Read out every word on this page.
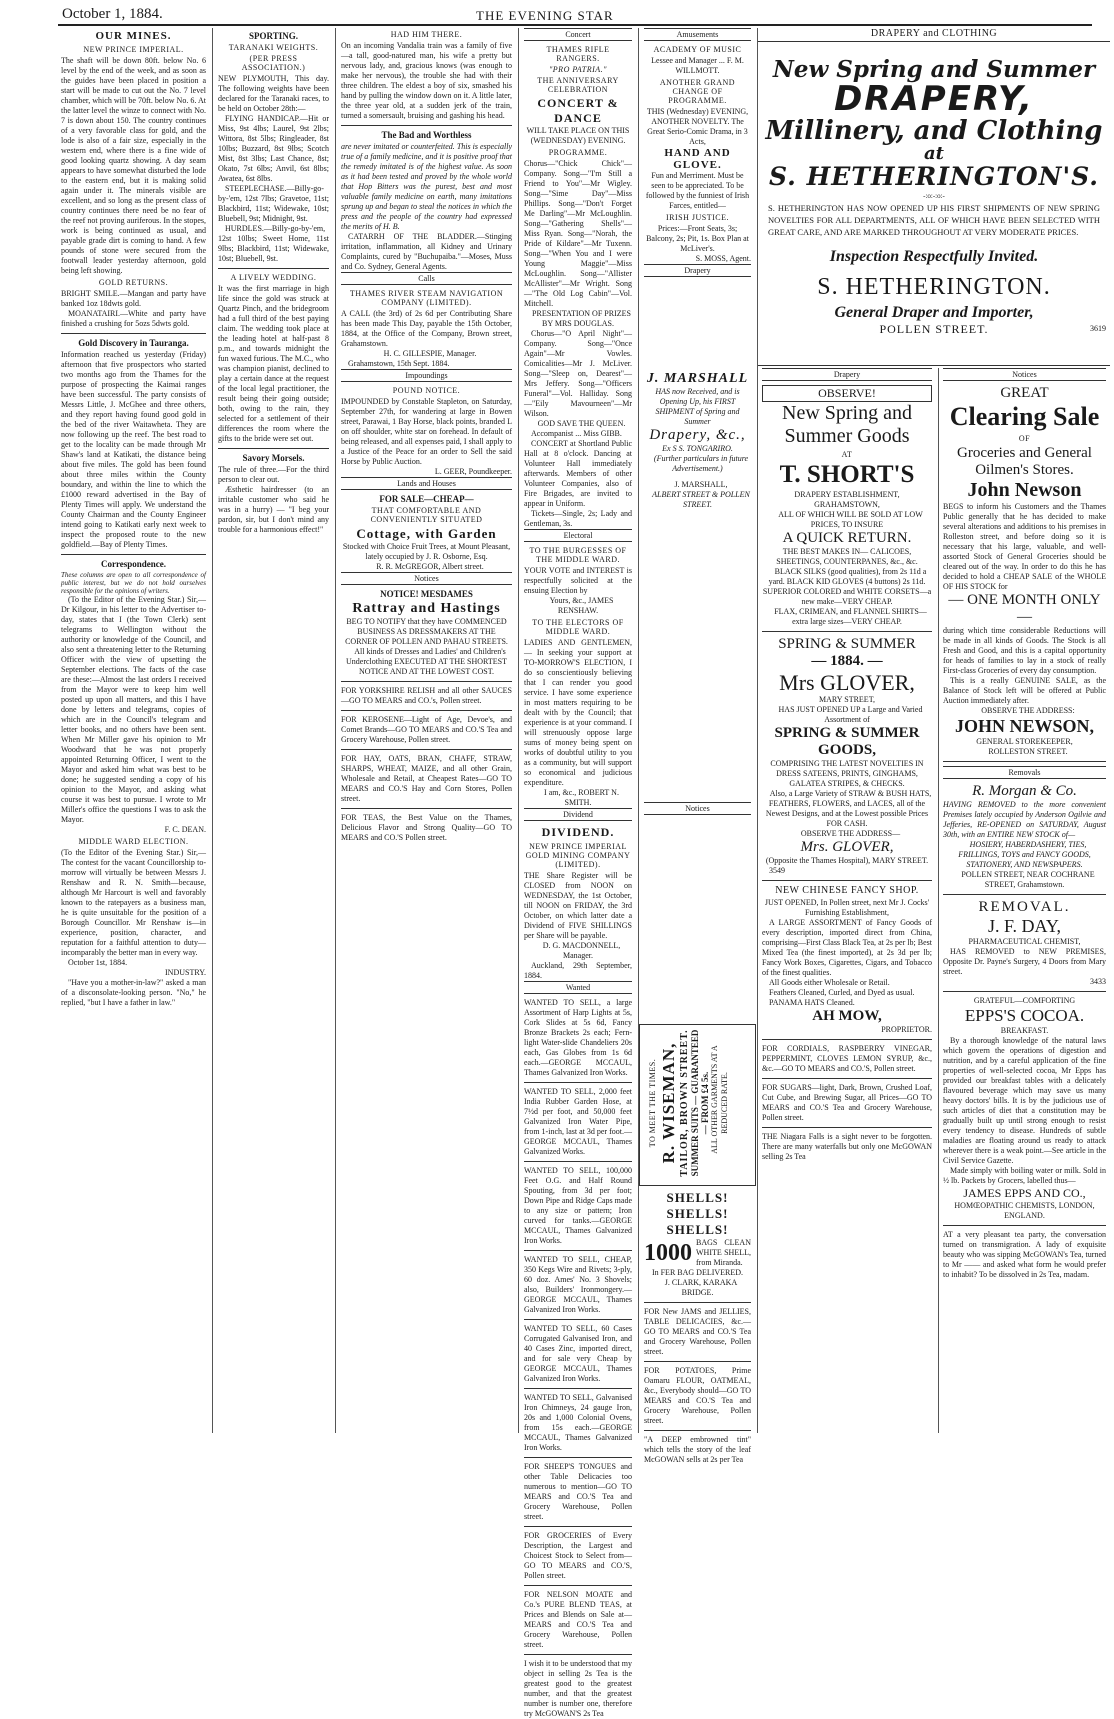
October 1, 1884.	THE EVENING STAR
OUR MINES.
NEW PRINCE IMPERIAL.
The shaft will be down 80ft. below No. 6 level by the end of the week, and as soon as the guides have been placed in position a start will be made to cut out the No. 7 level chamber, which will be 70ft. below No. 6. At the latter level the winze to connect with No. 7 is down about 150. The country continues of a very favorable class for gold, and the lode is also of a fair size, especially in the western end, where there is a fine wide of good looking quartz showing. A day seam appears to have somewhat disturbed the lode to the eastern end, but it is making solid again under it. The minerals visible are excellent, and so long as the present class of country continues there need be no fear of the reef not proving auriferous. In the stopes, work is being continued as usual, and payable grade dirt is coming to hand. A few pounds of stone were secured from the footwall leader yesterday afternoon, gold being left showing.
GOLD RETURNS.
BRIGHT SMILE.—Mangan and party have banked 1oz 18dwts gold.
MOANATAIRI.—White and party have finished a crushing for 5ozs 5dwts gold.
Gold Discovery in Tauranga.
Information reached us yesterday (Friday) afternoon that five prospectors who started two months ago from the Thames for the purpose of prospecting the Kaimai ranges have been successful. The party consists of Messrs Little, J. McGhee and three others, and they report having found good gold in the bed of the river Waitawheta. They are now following up the reef. The best road to get to the locality can be made through Mr Shaw's land at Katikati, the distance being about five miles. The gold has been found about three miles within the County boundary, and within the line to which the £1000 reward advertised in the Bay of Plenty Times will apply. We understand the County Chairman and the County Engineer intend going to Katikati early next week to inspect the proposed route to the new goldfield.—Bay of Plenty Times.
Correspondence.
These columns are open to all correspondence of public interest, but we do not hold ourselves responsible for the opinions of writers.
(To the Editor of the Evening Star.) Sir,—Dr Kilgour, in his letter to the Advertiser to-day, states that I (the Town Clerk) sent telegrams to Wellington without the authority or knowledge of the Council, and also sent a threatening letter to the Returning Officer with the view of upsetting the September elections. The facts of the case are these:—Almost the last orders I received from the Mayor were to keep him well posted up upon all matters, and this I have done by letters and telegrams, copies of which are in the Council's telegram and letter books, and no others have been sent. When Mr Miller gave his opinion to Mr Woodward that he was not properly appointed Returning Officer, I went to the Mayor and asked him what was best to be done; he suggested sending a copy of his opinion to the Mayor, and asking what course it was best to pursue. I wrote to Mr Miller's office the questions I was to ask the Mayor.
F. C. DEAN.
MIDDLE WARD ELECTION.
(To the Editor of the Evening Star.) Sir,—The contest for the vacant Councillorship to-morrow will virtually be between Messrs J. Renshaw and R. N. Smith—because, although Mr Harcourt is well and favorably known to the ratepayers as a business man, he is quite unsuitable for the position of a Borough Councillor. Mr Renshaw is—in experience, position, character, and reputation for a faithful attention to duty—incomparably the better man in every way.
October 1st, 1884.
INDUSTRY.
"Have you a mother-in-law?" asked a man of a disconsolate-looking person. "No," he replied, "but I have a father in law."
SPORTING.
TARANAKI WEIGHTS.
(PER PRESS ASSOCIATION.)
NEW PLYMOUTH, This day. The following weights have been declared for the Taranaki races, to be held on October 28th:—
FLYING HANDICAP.—Hit or Miss, 9st 4lbs; Laurel, 9st 2lbs; Wittora, 8st 5lbs; Ringleader, 8st 10lbs; Buzzard, 8st 9lbs; Scotch Mist, 8st 3lbs; Last Chance, 8st; Okato, 7st 6lbs; Anvil, 6st 8lbs; Awatea, 6st 8lbs.
STEEPLECHASE.—Billy-go-by-'em, 12st 7lbs; Gravetoe, 11st; Blackbird, 11st; Widewake, 10st; Bluebell, 9st; Midnight, 9st.
HURDLES.—Billy-go-by-'em, 12st 10lbs; Sweet Home, 11st 9lbs; Blackbird, 11st; Widewake, 10st; Bluebell, 9st.
A LIVELY WEDDING.
It was the first marriage in high life since the gold was struck at Quartz Pinch, and the bridegroom had a full third of the best paying claim. The wedding took place at the leading hotel at half-past 8 p.m., and towards midnight the fun waxed furious. The M.C., who was champion pianist, declined to play a certain dance at the request of the local legal practitioner, the result being their going outside; both, owing to the rain, they selected for a settlement of their differences the room where the gifts to the bride were set out.
Savory Morsels.
The rule of three.—For the third person to clear out.
Æsthetic hairdresser (to an irritable customer who said he was in a hurry) — "I beg your pardon, sir, but I don't mind any trouble for a harmonious effect!"
HAD HIM THERE.
On an incoming Vandalia train was a family of five—a tall, good-natured man, his wife a pretty but nervous lady, and, gracious knows (was enough to make her nervous), the trouble she had with their three children. The eldest a boy of six, smashed his hand by pulling the window down on it. A little later, the three year old, at a sudden jerk of the train, turned a somersault, bruising and gashing his head.
The Bad and Worthless
are never imitated or counterfeited. This is especially true of a family medicine, and it is positive proof that the remedy imitated is of the highest value. As soon as it had been tested and proved by the whole world that Hop Bitters was the purest, best and most valuable family medicine on earth, many imitations sprung up and began to steal the notices in which the press and the people of the country had expressed the merits of H. B.
CATARRH OF THE BLADDER.—Stinging irritation, inflammation, all Kidney and Urinary Complaints, cured by "Buchupaiba."—Moses, Muss and Co. Sydney, General Agents.
Calls
THAMES RIVER STEAM NAVIGATION COMPANY (LIMITED).
A CALL (the 3rd) of 2s 6d per Contributing Share has been made This Day, payable the 15th October, 1884, at the Office of the Company, Brown street, Grahamstown.
H. C. GILLESPIE, Manager.
Grahamstown, 15th Sept. 1884.
Impoundings
POUND NOTICE.
IMPOUNDED by Constable Stapleton, on Saturday, September 27th, for wandering at large in Bowen street, Parawai, 1 Bay Horse, black points, branded L on off shoulder, white star on forehead. In default of being released, and all expenses paid, I shall apply to a Justice of the Peace for an order to Sell the said Horse by Public Auction.
L. GEER, Poundkeeper.
Lands and Houses
FOR SALE—CHEAP—
THAT COMFORTABLE AND CONVENIENTLY SITUATED
Cottage, with Garden
Stocked with Choice Fruit Trees, at Mount Pleasant, lately occupied by J. R. Osborne, Esq.
R. R. McGREGOR, Albert street.
Notices
NOTICE! MESDAMES
Rattray and Hastings
BEG TO NOTIFY that they have COMMENCED BUSINESS AS DRESSMAKERS AT THE CORNER OF POLLEN AND PAHAU STREETS.
All kinds of Dresses and Ladies' and Children's Underclothing EXECUTED AT THE SHORTEST NOTICE AND AT THE LOWEST COST.
FOR YORKSHIRE RELISH and all other SAUCES—GO TO MEARS and CO.'s, Pollen street.
FOR KEROSENE—Light of Age, Devoe's, and Comet Brands—GO TO MEARS and CO.'S Tea and Grocery Warehouse, Pollen street.
FOR HAY, OATS, BRAN, CHAFF, STRAW, SHARPS, WHEAT, MAIZE, and all other Grain, Wholesale and Retail, at Cheapest Rates—GO TO MEARS and CO.'S Hay and Corn Stores, Pollen street.
FOR TEAS, the Best Value on the Thames, Delicious Flavor and Strong Quality—GO TO MEARS and CO.'S Pollen street.
Concert
THAMES RIFLE RANGERS.
"PRO PATRIA."
THE ANNIVERSARY CELEBRATION
CONCERT & DANCE
WILL TAKE PLACE ON THIS (WEDNESDAY) EVENING.
PROGRAMME.
Chorus—"Chick Chick"—Company. Song—"I'm Still a Friend to You"—Mr Wigley. Song—"Sime Day"—Miss Phillips. Song—"Don't Forget Me Darling"—Mr McLoughlin. Song—"Gathering Shells"—Miss Ryan. Song—"Norah, the Pride of Kildare"—Mr Tuxenn. Song—"When You and I were Young Maggie"—Miss McLoughlin. Song—"Allister McAllister"—Mr Wright. Song—"The Old Log Cabin"—Vol. Mitchell.
PRESENTATION OF PRIZES BY MRS DOUGLAS.
Chorus—"O April Night"—Company. Song—"Once Again"—Mr Vowles. Comicalities—Mr J. McLiver. Song—"Sleep on, Dearest"—Mrs Jeffery. Song—"Officers Funeral"—Vol. Halliday. Song—"Eily Mavourneen"—Mr Wilson.
GOD SAVE THE QUEEN.
Accompanist ... Miss GIBB.
CONCERT at Shortland Public Hall at 8 o'clock. Dancing at Volunteer Hall immediately afterwards. Members of other Volunteer Companies, also of Fire Brigades, are invited to appear in Uniform.
Tickets—Single, 2s; Lady and Gentleman, 3s.
Electoral
TO THE BURGESSES OF THE MIDDLE WARD.
YOUR VOTE and INTEREST is respectfully solicited at the ensuing Election by
Yours, &c., JAMES RENSHAW.
TO THE ELECTORS OF MIDDLE WARD.
LADIES AND GENTLEMEN,— In seeking your support at TO-MORROW'S ELECTION, I do so conscientiously believing that I can render you good service. I have some experience in most matters requiring to be dealt with by the Council; that experience is at your command. I will strenuously oppose large sums of money being spent on works of doubtful utility to you as a community, but will support so economical and judicious expenditure.
I am, &c., ROBERT N. SMITH.
Dividend
DIVIDEND.
NEW PRINCE IMPERIAL GOLD MINING COMPANY (LIMITED).
THE Share Register will be CLOSED from NOON on WEDNESDAY, the 1st October, till NOON on FRIDAY, the 3rd October, on which latter date a Dividend of FIVE SHILLINGS per Share will be payable.
D. G. MACDONNELL, Manager.
Auckland, 29th September, 1884.
Wanted
WANTED TO SELL, a large Assortment of Harp Lights at 5s, Cork Slides at 5s 6d, Fancy Bronze Brackets 2s each; Fern-light Water-slide Chandeliers 20s each, Gas Globes from 1s 6d each.—GEORGE MCCAUL, Thames Galvanized Iron Works.
WANTED TO SELL, 2,000 feet India Rubber Garden Hose, at 7½d per foot, and 50,000 feet Galvanized Iron Water Pipe, from 1-inch, last at 3d per foot.—GEORGE MCCAUL, Thames Galvanized Works.
WANTED TO SELL, 100,000 Feet O.G. and Half Round Spouting, from 3d per foot; Down Pipe and Ridge Caps made to any size or pattern; Iron curved for tanks.—GEORGE MCCAUL, Thames Galvanized Iron Works.
WANTED TO SELL, CHEAP, 350 Kegs Wire and Rivets; 3-ply, 60 doz. Ames' No. 3 Shovels; also, Builders' Ironmongery.—GEORGE MCCAUL, Thames Galvanized Iron Works.
WANTED TO SELL, 60 Cases Corrugated Galvanised Iron, and 40 Cases Zinc, imported direct, and for sale very Cheap by GEORGE MCCAUL, Thames Galvanized Iron Works.
WANTED TO SELL, Galvanised Iron Chimneys, 24 gauge Iron, 20s and 1,000 Colonial Ovens, from 15s each.—GEORGE MCCAUL, Thames Galvanized Iron Works.
FOR SHEEP'S TONGUES and other Table Delicacies too numerous to mention—GO TO MEARS and CO.'S Tea and Grocery Warehouse, Pollen street.
FOR GROCERIES of Every Description, the Largest and Choicest Stock to Select from—GO TO MEARS and CO.'S, Pollen street.
FOR NELSON MOATE and Co.'s PURE BLEND TEAS, at Prices and Blends on Sale at—MEARS and CO.'S Tea and Grocery Warehouse, Pollen street.
I wish it to be understood that my object in selling 2s Tea is the greatest good to the greatest number, and that the greatest number is number one, therefore try McGOWAN'S 2s Tea
Amusements
ACADEMY OF MUSIC
Lessee and Manager ... F. M. WILLMOTT.
ANOTHER GRAND CHANGE OF PROGRAMME.
THIS (Wednesday) EVENING, ANOTHER NOVELTY. The Great Serio-Comic Drama, in 3 Acts,
HAND AND GLOVE.
Fun and Merriment. Must be seen to be appreciated. To be followed by the funniest of Irish Farces, entitled—
IRISH JUSTICE.
Prices:—Front Seats, 3s; Balcony, 2s; Pit, 1s. Box Plan at McLiver's.
S. MOSS, Agent.
Drapery
J. MARSHALL
HAS now Received, and is Opening Up, his FIRST SHIPMENT of Spring and Summer
Drapery, &c.,
Ex S S. TONGARIRO.
(Further particulars in future Advertisement.)
J. MARSHALL,
ALBERT STREET & POLLEN STREET.
Notices
TO MEET THE TIMES. R. WISEMAN, TAILOR, BROWN STREET. SUMMER SUITS — GUARANTEED — FROM £4 5s. ALL OTHER GARMENTS AT A REDUCED RATE.
SHELLS! SHELLS! SHELLS!
1000 BAGS CLEAN WHITE SHELL, from Miranda.
In FER BAG DELIVERED.
J. CLARK, KARAKA BRIDGE.
FOR New JAMS and JELLIES, TABLE DELICACIES, &c.—GO TO MEARS and CO.'S Tea and Grocery Warehouse, Pollen street.
FOR POTATOES, Prime Oamaru FLOUR, OATMEAL, &c., Everybody should—GO TO MEARS and CO.'S Tea and Grocery Warehouse, Pollen street.
"A DEEP embrowned tint" which tells the story of the leaf McGOWAN sells at 2s per Tea
DRAPERY and CLOTHING
New Spring and Summer
DRAPERY,
Millinery, and Clothing
at
S. HETHERINGTON'S.
-:o:-:o:-
S. HETHERINGTON HAS NOW OPENED UP HIS FIRST SHIPMENTS OF NEW SPRING NOVELTIES FOR ALL DEPARTMENTS, ALL OF WHICH HAVE BEEN SELECTED WITH GREAT CARE, AND ARE MARKED THROUGHOUT AT VERY MODERATE PRICES.
Inspection Respectfully Invited.
S. HETHERINGTON.
General Draper and Importer,
POLLEN STREET.	3619
Drapery
OBSERVE!
New Spring and Summer Goods
AT
T. SHORT'S
DRAPERY ESTABLISHMENT, GRAHAMSTOWN,
ALL OF WHICH WILL BE SOLD AT LOW PRICES, TO INSURE
A QUICK RETURN.
THE BEST MAKES IN— CALICOES, SHEETINGS, COUNTERPANES, &c., &c.
BLACK SILKS (good qualities), from 2s 11d a yard. BLACK KID GLOVES (4 buttons) 2s 11d. SUPERIOR COLORED and WHITE CORSETS—a new make—VERY CHEAP.
FLAX, CRIMEAN, and FLANNEL SHIRTS—extra large sizes—VERY CHEAP.
SPRING & SUMMER
— 1884. —
Mrs GLOVER,
MARY STREET,
HAS JUST OPENED UP a Large and Varied Assortment of
SPRING & SUMMER GOODS,
COMPRISING THE LATEST NOVELTIES IN DRESS SATEENS, PRINTS, GINGHAMS, GALATEA STRIPES, & CHECKS.
Also, a Large Variety of STRAW & BUSH HATS, FEATHERS, FLOWERS, and LACES, all of the Newest Designs, and at the Lowest possible Prices FOR CASH.
OBSERVE THE ADDRESS—
Mrs. GLOVER,
(Opposite the Thames Hospital), MARY STREET.
3549
NEW CHINESE FANCY SHOP.
JUST OPENED, In Pollen street, next Mr J. Cocks' Furnishing Establishment,
A LARGE ASSORTMENT of Fancy Goods of every description, imported direct from China, comprising—First Class Black Tea, at 2s per lb; Best Mixed Tea (the finest imported), at 2s 3d per lb; Fancy Work Boxes, Cigarettes, Cigars, and Tobacco of the finest qualities.
All Goods either Wholesale or Retail.
Feathers Cleaned, Curled, and Dyed as usual.
PANAMA HATS Cleaned.
AH MOW,
PROPRIETOR.
FOR CORDIALS, RASPBERRY VINEGAR, PEPPERMINT, CLOVES LEMON SYRUP, &c., &c.—GO TO MEARS and CO.'S, Pollen street.
FOR SUGARS—light, Dark, Brown, Crushed Loaf, Cut Cube, and Brewing Sugar, all Prices—GO TO MEARS and CO.'S Tea and Grocery Warehouse, Pollen street.
THE Niagara Falls is a sight never to be forgotten. There are many waterfalls but only one McGOWAN selling 2s Tea
Notices
GREAT
Clearing Sale
OF
Groceries and General Oilmen's Stores.
John Newson
BEGS to inform his Customers and the Thames Public generally that he has decided to make several alterations and additions to his premises in Rolleston street, and before doing so it is necessary that his large, valuable, and well-assorted Stock of General Groceries should be cleared out of the way. In order to do this he has decided to hold a CHEAP SALE of the WHOLE OF HIS STOCK for
— ONE MONTH ONLY —
during which time considerable Reductions will be made in all kinds of Goods. The Stock is all Fresh and Good, and this is a capital opportunity for heads of families to lay in a stock of really First-class Groceries of every day consumption.
This is a really GENUINE SALE, as the Balance of Stock left will be offered at Public Auction immediately after.
OBSERVE THE ADDRESS:
JOHN NEWSON,
GENERAL STOREKEEPER,
ROLLESTON STREET.
Removals
R. Morgan & Co.
HAVING REMOVED to the more convenient Premises lately occupied by Anderson Ogilvie and Jefferies, RE-OPENED on SATURDAY, August 30th, with an ENTIRE NEW STOCK of—
HOSIERY, HABERDASHERY, TIES, FRILLINGS, TOYS and FANCY GOODS, STATIONERY, AND NEWSPAPERS.
POLLEN STREET, NEAR COCHRANE STREET, Grahamstown.
REMOVAL.
J. F. DAY,
PHARMACEUTICAL CHEMIST,
HAS REMOVED to NEW PREMISES, Opposite Dr. Payne's Surgery, 4 Doors from Mary street.
3433
GRATEFUL—COMFORTING
EPPS'S COCOA.
BREAKFAST.
By a thorough knowledge of the natural laws which govern the operations of digestion and nutrition, and by a careful application of the fine properties of well-selected cocoa, Mr Epps has provided our breakfast tables with a delicately flavoured beverage which may save us many heavy doctors' bills. It is by the judicious use of such articles of diet that a constitution may be gradually built up until strong enough to resist every tendency to disease. Hundreds of subtle maladies are floating around us ready to attack wherever there is a weak point.—See article in the Civil Service Gazette.
Made simply with boiling water or milk. Sold in ½ lb. Packets by Grocers, labelled thus—
JAMES EPPS AND CO.,
HOMŒOPATHIC CHEMISTS, LONDON, ENGLAND.
AT a very pleasant tea party, the conversation turned on transmigration. A lady of exquisite beauty who was sipping McGOWAN's Tea, turned to Mr —— and asked what form he would prefer to inhabit? To be dissolved in 2s Tea, madam.
